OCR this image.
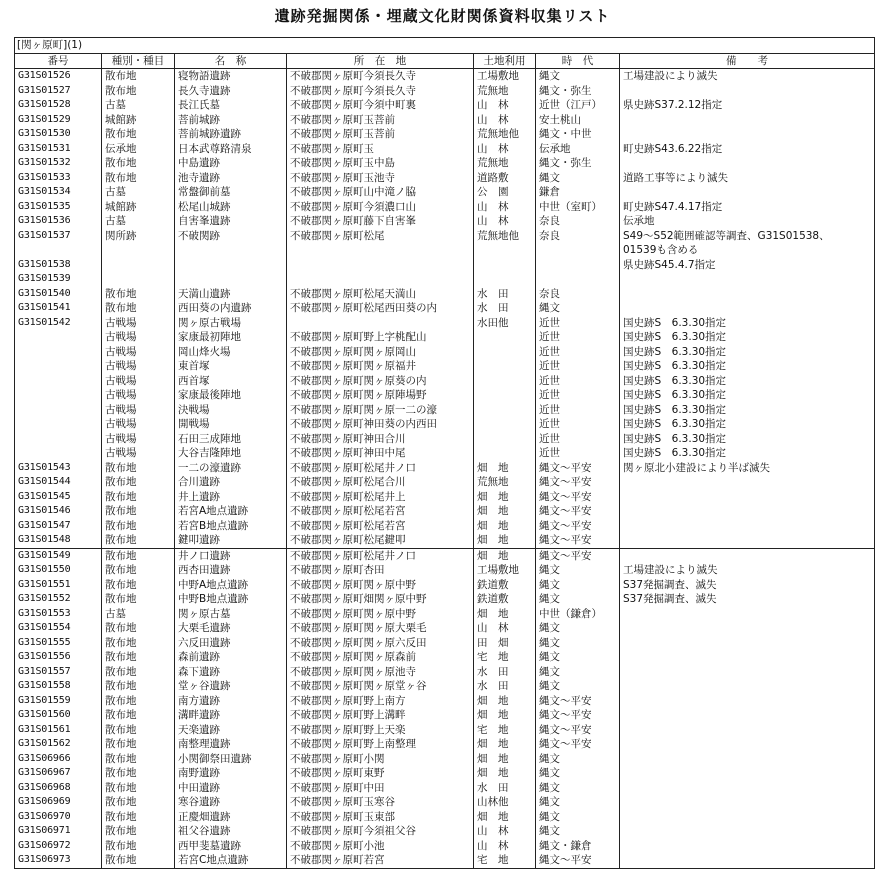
遺跡発掘関係・埋蔵文化財関係資料収集リスト
[関ヶ原町](1)						
番号	種別・種目	名　称	所　在　地	土地利用	時　代	備　　考
G31S01526	散布地	寝物語遺跡	不破郡関ヶ原町今須長久寺	工場敷地	縄文	工場建設により滅失
G31S01527	散布地	長久寺遺跡	不破郡関ヶ原町今須長久寺	荒無地	縄文・弥生	
G31S01528	古墓	長江氏墓	不破郡関ヶ原町今須中町裏	山　林	近世（江戸）	県史跡S37.2.12指定
G31S01529	城館跡	菩前城跡	不破郡関ヶ原町玉菩前	山　林	安土桃山	
G31S01530	散布地	菩前城跡遺跡	不破郡関ヶ原町玉菩前	荒無地他	縄文・中世	
G31S01531	伝承地	日本武尊路清泉	不破郡関ヶ原町玉	山　林	伝承地	町史跡S43.6.22指定
G31S01532	散布地	中島遺跡	不破郡関ヶ原町玉中島	荒無地	縄文・弥生	
G31S01533	散布地	池寺遺跡	不破郡関ヶ原町玉池寺	道路敷	縄文	道路工事等により滅失
G31S01534	古墓	常盤御前墓	不破郡関ヶ原町山中滝ノ脇	公　園	鎌倉	
G31S01535	城館跡	松尾山城跡	不破郡関ヶ原町今須濃口山	山　林	中世（室町）	町史跡S47.4.17指定
G31S01536	古墓	自害峯遺跡	不破郡関ヶ原町藤下自害峯	山　林	奈良	伝承地
G31S01537	関所跡	不破関跡	不破郡関ヶ原町松尾	荒無地他	奈良	S49～S52範囲確認等調査、G31S01538、
						01539も含める
G31S01538						県史跡S45.4.7指定
G31S01539						
G31S01540	散布地	天満山遺跡	不破郡関ヶ原町松尾天満山	水　田	奈良	
G31S01541	散布地	西田葵の内遺跡	不破郡関ヶ原町松尾西田葵の内	水　田	縄文	
G31S01542	古戦場	関ヶ原古戦場		水田他	近世	国史跡S　6.3.30指定
	古戦場	家康最初陣地	不破郡関ヶ原町野上字桃配山		近世	国史跡S　6.3.30指定
	古戦場	岡山烽火場	不破郡関ヶ原町関ヶ原岡山		近世	国史跡S　6.3.30指定
	古戦場	東首塚	不破郡関ヶ原町関ヶ原福井		近世	国史跡S　6.3.30指定
	古戦場	西首塚	不破郡関ヶ原町関ヶ原葵の内		近世	国史跡S　6.3.30指定
	古戦場	家康最後陣地	不破郡関ヶ原町関ヶ原陣場野		近世	国史跡S　6.3.30指定
	古戦場	決戦場	不破郡関ヶ原町関ヶ原一二の濠		近世	国史跡S　6.3.30指定
	古戦場	開戦場	不破郡関ヶ原町神田葵の内西田		近世	国史跡S　6.3.30指定
	古戦場	石田三成陣地	不破郡関ヶ原町神田合川		近世	国史跡S　6.3.30指定
	古戦場	大谷吉隆陣地	不破郡関ヶ原町神田中尾		近世	国史跡S　6.3.30指定
G31S01543	散布地	一二の濠遺跡	不破郡関ヶ原町松尾井ノ口	畑　地	縄文～平安	関ヶ原北小建設により半ば滅失
G31S01544	散布地	合川遺跡	不破郡関ヶ原町松尾合川	荒無地	縄文～平安	
G31S01545	散布地	井上遺跡	不破郡関ヶ原町松尾井上	畑　地	縄文～平安	
G31S01546	散布地	若宮A地点遺跡	不破郡関ヶ原町松尾若宮	畑　地	縄文～平安	
G31S01547	散布地	若宮B地点遺跡	不破郡関ヶ原町松尾若宮	畑　地	縄文～平安	
G31S01548	散布地	鍵叩遺跡	不破郡関ヶ原町松尾鍵叩	畑　地	縄文～平安	
G31S01549	散布地	井ノ口遺跡	不破郡関ヶ原町松尾井ノ口	畑　地	縄文～平安	
G31S01550	散布地	西杏田遺跡	不破郡関ヶ原町杏田	工場敷地	縄文	工場建設により滅失
G31S01551	散布地	中野A地点遺跡	不破郡関ヶ原町関ヶ原中野	鉄道敷	縄文	S37発掘調査、滅失
G31S01552	散布地	中野B地点遺跡	不破郡関ヶ原町畑関ヶ原中野	鉄道敷	縄文	S37発掘調査、滅失
G31S01553	古墓	関ヶ原古墓	不破郡関ヶ原町関ヶ原中野	畑　地	中世（鎌倉）	
G31S01554	散布地	大栗毛遺跡	不破郡関ヶ原町関ヶ原大栗毛	山　林	縄文	
G31S01555	散布地	六反田遺跡	不破郡関ヶ原町関ヶ原六反田	田　畑	縄文	
G31S01556	散布地	森前遺跡	不破郡関ヶ原町関ヶ原森前	宅　地	縄文	
G31S01557	散布地	森下遺跡	不破郡関ヶ原町関ヶ原池寺	水　田	縄文	
G31S01558	散布地	堂ヶ谷遺跡	不破郡関ヶ原町関ヶ原堂ヶ谷	水　田	縄文	
G31S01559	散布地	南方遺跡	不破郡関ヶ原町野上南方	畑　地	縄文～平安	
G31S01560	散布地	溝畔遺跡	不破郡関ヶ原町野上溝畔	畑　地	縄文～平安	
G31S01561	散布地	天楽遺跡	不破郡関ヶ原町野上天楽	宅　地	縄文～平安	
G31S01562	散布地	南整理遺跡	不破郡関ヶ原町野上南整理	畑　地	縄文～平安	
G31S06966	散布地	小関御祭田遺跡	不破郡関ヶ原町小関	畑　地	縄文	
G31S06967	散布地	南野遺跡	不破郡関ヶ原町東野	畑　地	縄文	
G31S06968	散布地	中田遺跡	不破郡関ヶ原町中田	水　田	縄文	
G31S06969	散布地	寒谷遺跡	不破郡関ヶ原町玉寒谷	山林他	縄文	
G31S06970	散布地	正慶畑遺跡	不破郡関ヶ原町玉東部	畑　地	縄文	
G31S06971	散布地	祖父谷遺跡	不破郡関ヶ原町今須祖父谷	山　林	縄文	
G31S06972	散布地	西甲斐墓遺跡	不破郡関ヶ原町小池	山　林	縄文・鎌倉	
G31S06973	散布地	若宮C地点遺跡	不破郡関ヶ原町若宮	宅　地	縄文～平安	
